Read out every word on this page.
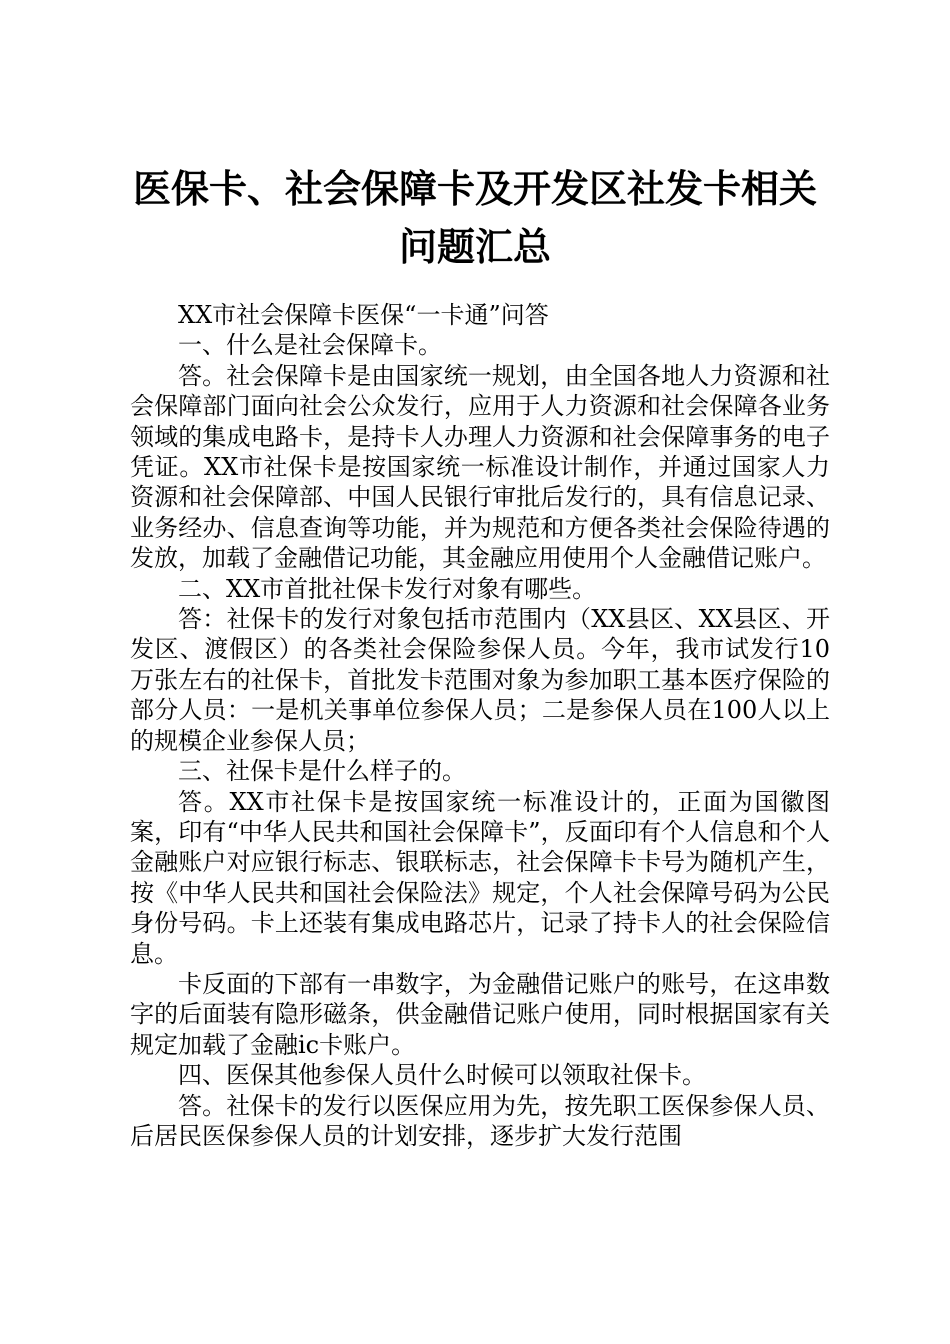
医保卡、社会保障卡及开发区社发卡相关问题汇总

XX市社会保障卡医保“一卡通”问答

一、什么是社会保障卡。

答。社会保障卡是由国家统一规划，由全国各地人力资源和社会保障部门面向社会公众发行，应用于人力资源和社会保障各业务领域的集成电路卡，是持卡人办理人力资源和社会保障事务的电子凭证。XX市社保卡是按国家统一标准设计制作，并通过国家人力资源和社会保障部、中国人民银行审批后发行的，具有信息记录、业务经办、信息查询等功能，并为规范和方便各类社会保险待遇的发放，加载了金融借记功能，其金融应用使用个人金融借记账户。

二、XX市首批社保卡发行对象有哪些。

答：社保卡的发行对象包括市范围内（XX县区、XX县区、开发区、渡假区）的各类社会保险参保人员。今年，我市试发行10万张左右的社保卡，首批发卡范围对象为参加职工基本医疗保险的部分人员：一是机关事单位参保人员；二是参保人员在100人以上的规模企业参保人员；

三、社保卡是什么样子的。

答。XX市社保卡是按国家统一标准设计的，正面为国徽图案，印有“中华人民共和国社会保障卡”，反面印有个人信息和个人金融账户对应银行标志、银联标志，社会保障卡卡号为随机产生，按《中华人民共和国社会保险法》规定，个人社会保障号码为公民身份号码。卡上还装有集成电路芯片，记录了持卡人的社会保险信息。

卡反面的下部有一串数字，为金融借记账户的账号，在这串数字的后面装有隐形磁条，供金融借记账户使用，同时根据国家有关规定加载了金融ic卡账户。

四、医保其他参保人员什么时候可以领取社保卡。

答。社保卡的发行以医保应用为先，按先职工医保参保人员、后居民医保参保人员的计划安排，逐步扩大发行范围
